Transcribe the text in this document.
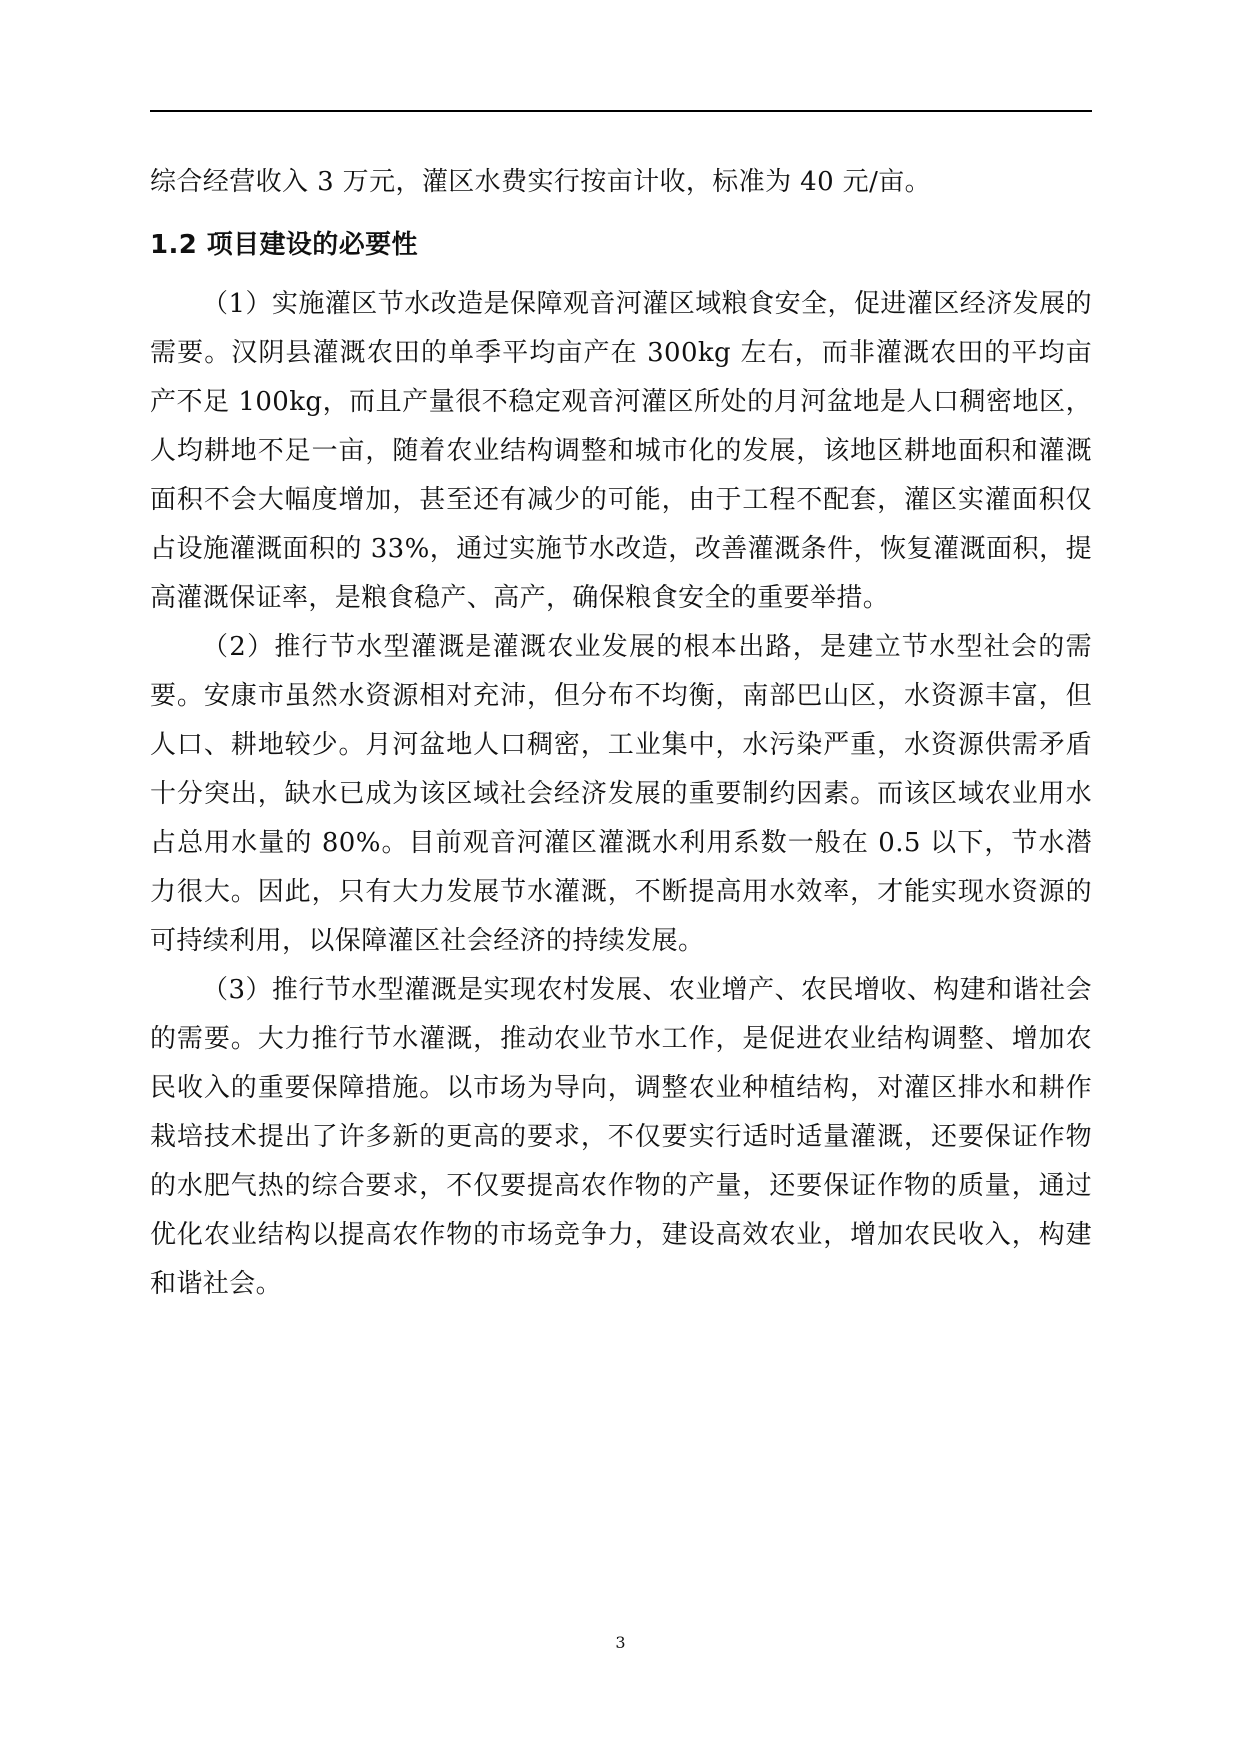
综合经营收入 3 万元，灌区水费实行按亩计收，标准为 40 元/亩。

1.2 项目建设的必要性

（1）实施灌区节水改造是保障观音河灌区域粮食安全，促进灌区经济发展的需要。汉阴县灌溉农田的单季平均亩产在 300kg 左右，而非灌溉农田的平均亩产不足 100kg，而且产量很不稳定观音河灌区所处的月河盆地是人口稠密地区，人均耕地不足一亩，随着农业结构调整和城市化的发展，该地区耕地面积和灌溉面积不会大幅度增加，甚至还有减少的可能，由于工程不配套，灌区实灌面积仅占设施灌溉面积的 33%，通过实施节水改造，改善灌溉条件，恢复灌溉面积，提高灌溉保证率，是粮食稳产、高产，确保粮食安全的重要举措。

（2）推行节水型灌溉是灌溉农业发展的根本出路，是建立节水型社会的需要。安康市虽然水资源相对充沛，但分布不均衡，南部巴山区，水资源丰富，但人口、耕地较少。月河盆地人口稠密，工业集中，水污染严重，水资源供需矛盾十分突出，缺水已成为该区域社会经济发展的重要制约因素。而该区域农业用水占总用水量的 80%。目前观音河灌区灌溉水利用系数一般在 0.5 以下，节水潜力很大。因此，只有大力发展节水灌溉，不断提高用水效率，才能实现水资源的可持续利用，以保障灌区社会经济的持续发展。

（3）推行节水型灌溉是实现农村发展、农业增产、农民增收、构建和谐社会的需要。大力推行节水灌溉，推动农业节水工作，是促进农业结构调整、增加农民收入的重要保障措施。以市场为导向，调整农业种植结构，对灌区排水和耕作栽培技术提出了许多新的更高的要求，不仅要实行适时适量灌溉，还要保证作物的水肥气热的综合要求，不仅要提高农作物的产量，还要保证作物的质量，通过优化农业结构以提高农作物的市场竞争力，建设高效农业，增加农民收入，构建和谐社会。

3
